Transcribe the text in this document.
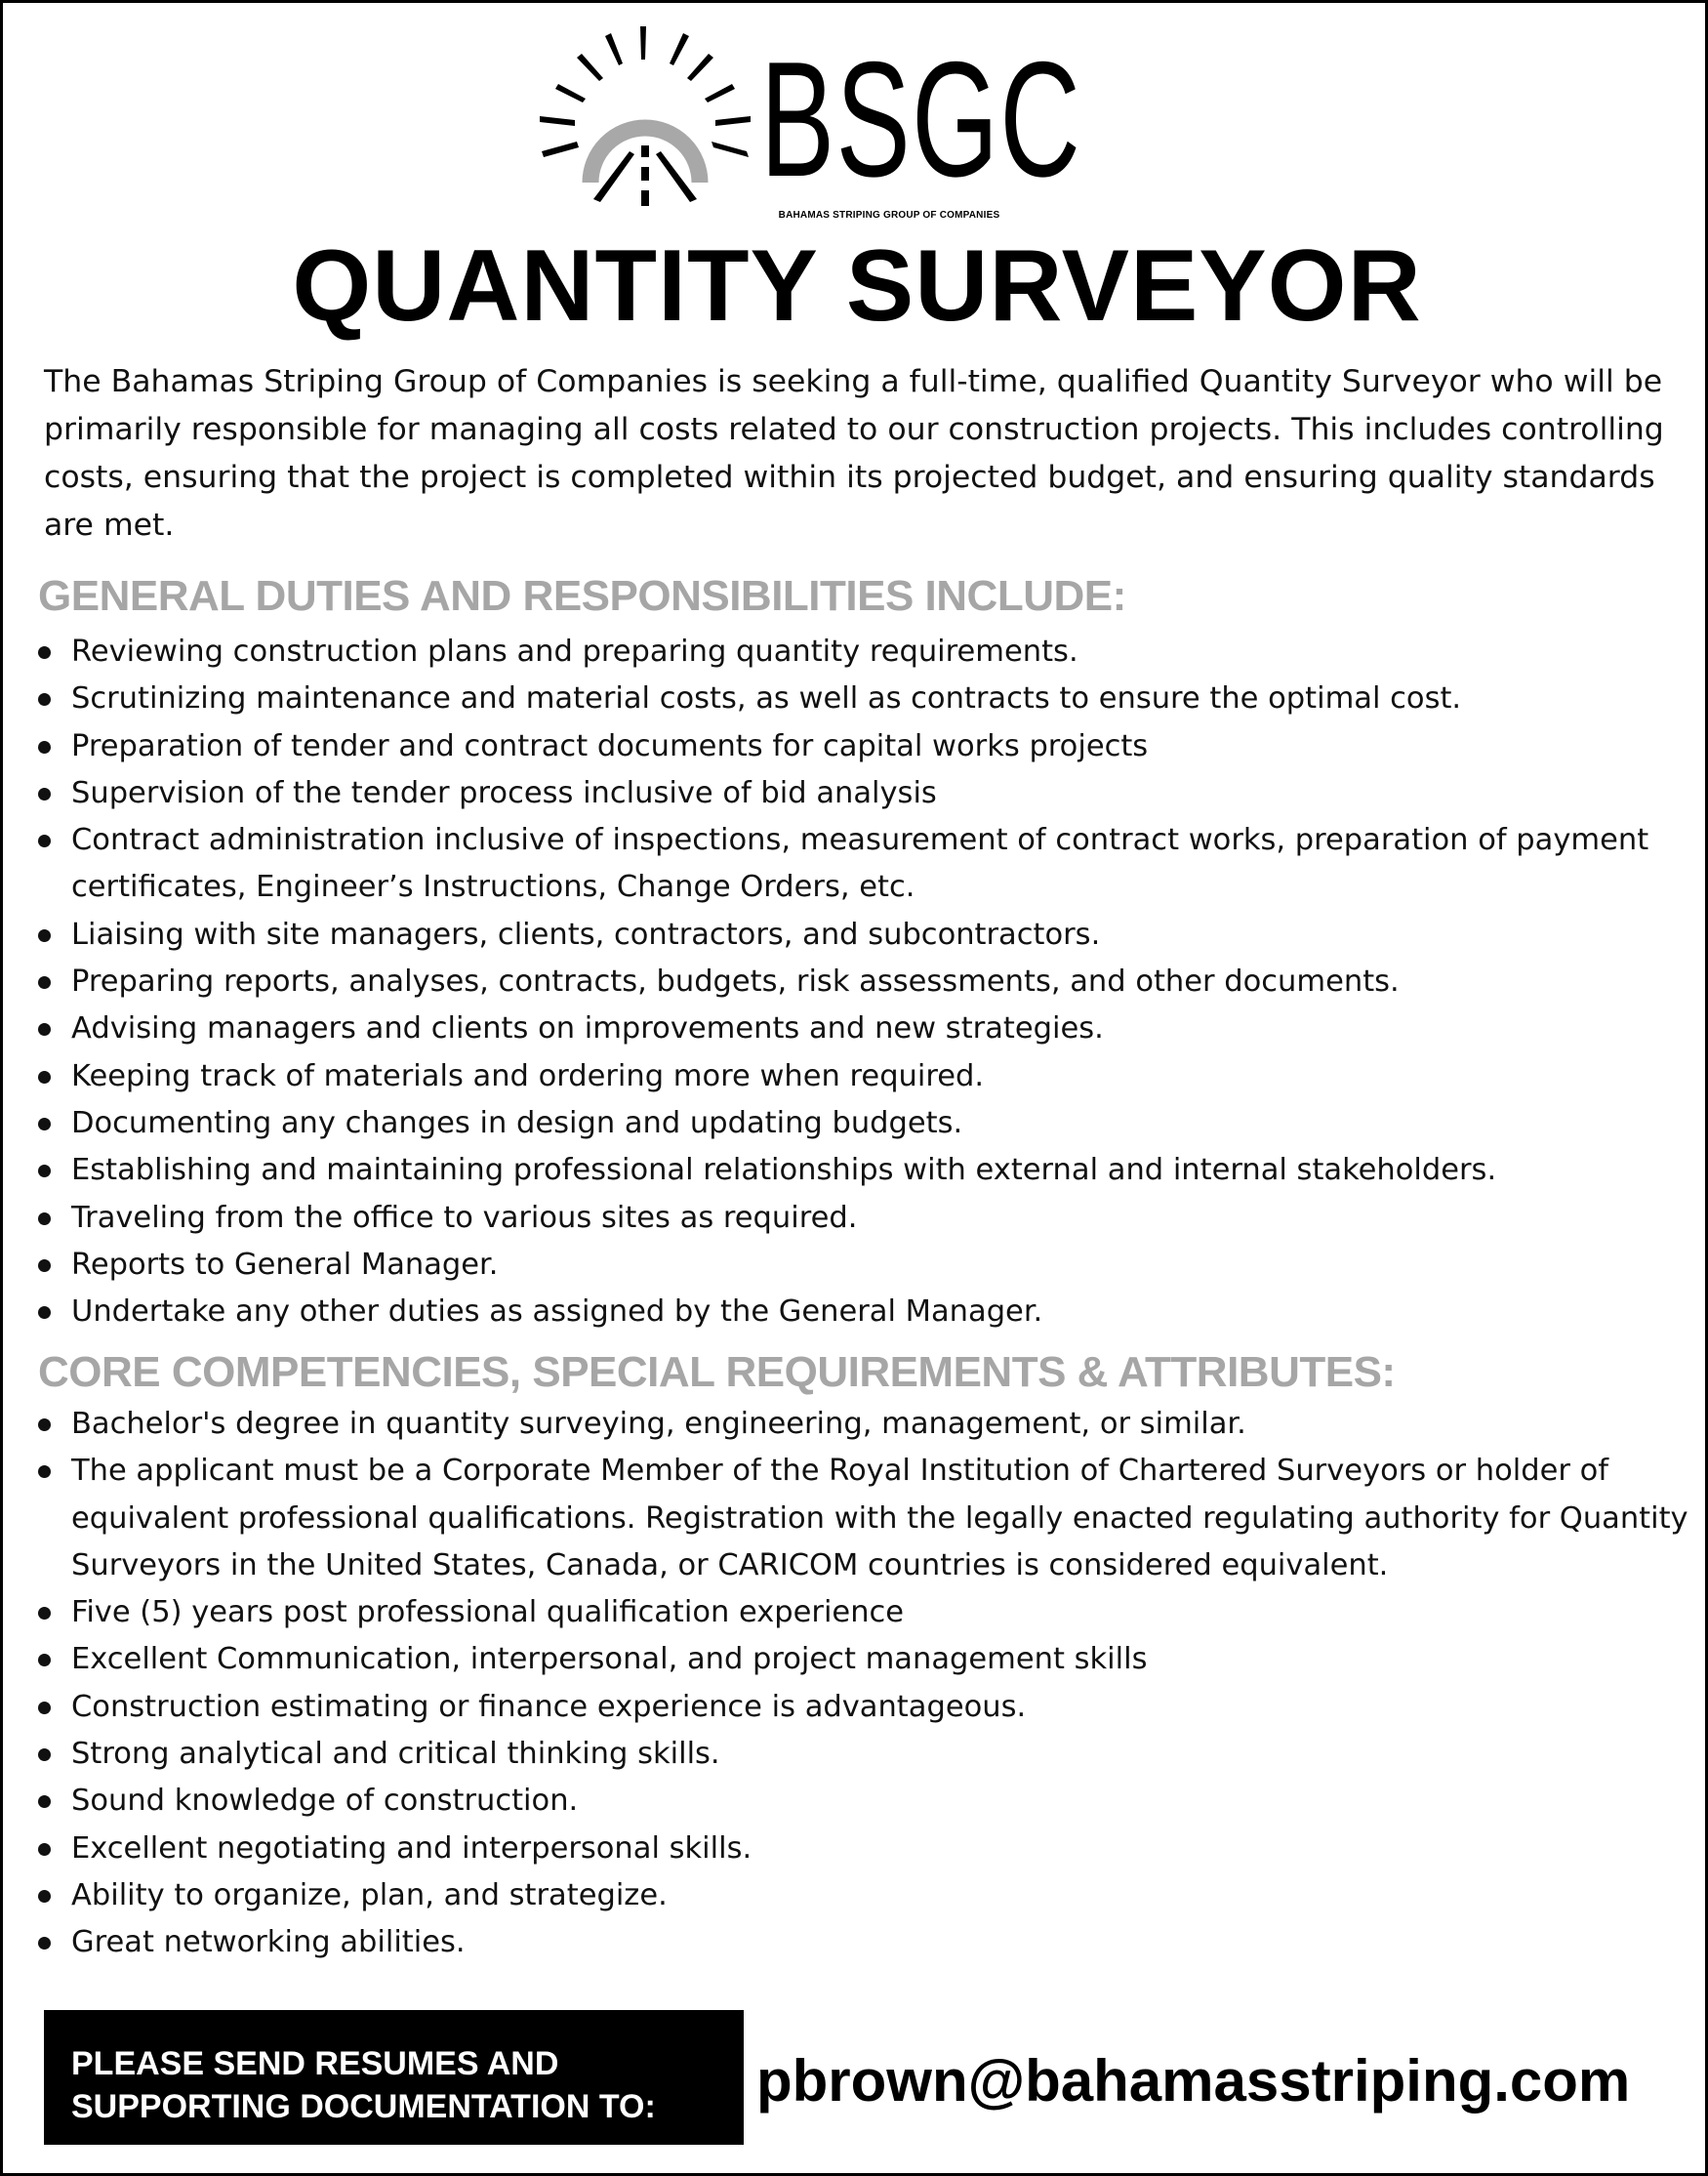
BSGC
BAHAMAS STRIPING GROUP OF COMPANIES
QUANTITY SURVEYOR
The Bahamas Striping Group of Companies is seeking a full-time, qualified Quantity Surveyor who will be primarily responsible for managing all costs related to our construction projects. This includes controlling costs, ensuring that the project is completed within its projected budget, and ensuring quality standards are met.
GENERAL DUTIES AND RESPONSIBILITIES INCLUDE:
Reviewing construction plans and preparing quantity requirements.
Scrutinizing maintenance and material costs, as well as contracts to ensure the optimal cost.
Preparation of tender and contract documents for capital works projects
Supervision of the tender process inclusive of bid analysis
Contract administration inclusive of inspections, measurement of contract works, preparation of payment certificates, Engineer’s Instructions, Change Orders, etc.
Liaising with site managers, clients, contractors, and subcontractors.
Preparing reports, analyses, contracts, budgets, risk assessments, and other documents.
Advising managers and clients on improvements and new strategies.
Keeping track of materials and ordering more when required.
Documenting any changes in design and updating budgets.
Establishing and maintaining professional relationships with external and internal stakeholders.
Traveling from the office to various sites as required.
Reports to General Manager.
Undertake any other duties as assigned by the General Manager.
CORE COMPETENCIES, SPECIAL REQUIREMENTS & ATTRIBUTES:
Bachelor's degree in quantity surveying, engineering, management, or similar.
The applicant must be a Corporate Member of the Royal Institution of Chartered Surveyors or holder of equivalent professional qualifications. Registration with the legally enacted regulating authority for Quantity Surveyors in the United States, Canada, or CARICOM countries is considered equivalent.
Five (5) years post professional qualification experience
Excellent Communication, interpersonal, and project management skills
Construction estimating or finance experience is advantageous.
Strong analytical and critical thinking skills.
Sound knowledge of construction.
Excellent negotiating and interpersonal skills.
Ability to organize, plan, and strategize.
Great networking abilities.
PLEASE SEND RESUMES AND
SUPPORTING DOCUMENTATION TO:	pbrown@bahamasstriping.com
